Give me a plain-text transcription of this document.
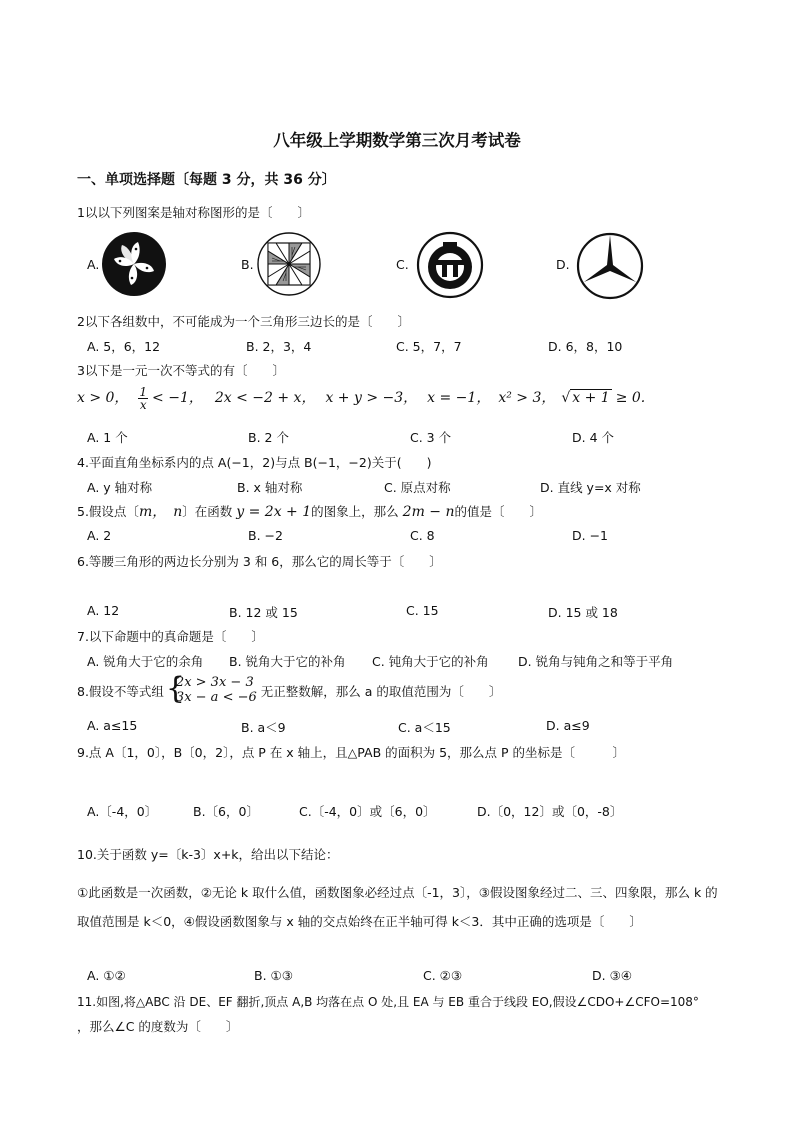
八年级上学期数学第三次月考试卷
一、单项选择题〔每题 3 分，共 36 分〕
1以以下列图案是轴对称图形的是〔　　〕
A.	B.	C.	D.
2以下各组数中，不可能成为一个三角形三边长的是〔　　〕
A. 5，6，12	B. 2，3，4	C. 5，7，7	D. 6，8，10
3以下是一元一次不等式的有〔　　〕
x > 0， $\frac{1}{x} < -1$， 2x < −2 + x， x + y > −3， x = −1， x² > 3， √ x + 1 ≥ 0.
A. 1 个	B. 2 个	C. 3 个	D. 4 个
4.平面直角坐标系内的点 A(−1，2)与点 B(−1，−2)关于(　　)
A. y 轴对称	B. x 轴对称	C. 原点对称	D. 直线 y=x 对称
5.假设点〔m，　n〕在函数 y = 2x + 1的图象上，那么 2m − n的值是〔　　〕
A. 2	B. −2	C. 8	D. −1
6.等腰三角形的两边长分别为 3 和 6，那么它的周长等于〔　　〕
A. 12	B. 12 或 15	C. 15	D. 15 或 18
7.以下命题中的真命题是〔　　〕
A. 锐角大于它的余角 B. 锐角大于它的补角 C. 钝角大于它的补角 D. 锐角与钝角之和等于平角
8.假设不等式组
{ 2x > 3x − 3
3x − a < −6 无正整数解，那么 a 的取值范围为〔　　〕
A. a≤15	B. a＜9	C. a＜15	D. a≤9
9.点 A〔1，0〕，B〔0，2〕，点 P 在 x 轴上，且△PAB 的面积为 5，那么点 P 的坐标是〔　　　〕
A.〔-4，0〕	B.〔6，0〕	C.〔-4，0〕或〔6，0〕	D.〔0，12〕或〔0，-8〕
10.关于函数 y=〔k-3〕x+k，给出以下结论：
①此函数是一次函数，②无论 k 取什么值，函数图象必经过点〔-1，3〕，③假设图象经过二、三、四象限，那么 k 的取值范围是 k＜0，④假设函数图象与 x 轴的交点始终在正半轴可得 k＜3．其中正确的选项是〔　　〕
A. ①②	B. ①③	C. ②③	D. ③④
11.如图,将△ABC 沿 DE、EF 翻折,顶点 A,B 均落在点 O 处,且 EA 与 EB 重合于线段 EO,假设∠CDO+∠CFO=108°
，那么∠C 的度数为〔　　〕
